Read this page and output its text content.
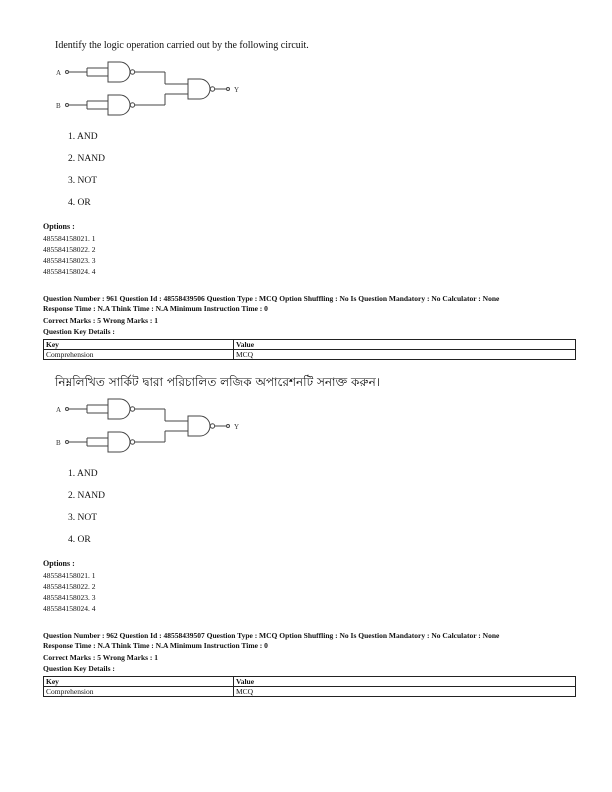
Identify the logic operation carried out by the following circuit.
A
B
Y
1. AND
2. NAND
3. NOT
4. OR
Options :
485584158021. 1
485584158022. 2
485584158023. 3
485584158024. 4
Question Number : 961 Question Id : 48558439506 Question Type : MCQ Option Shuffling : No Is Question Mandatory : No Calculator : None
Response Time : N.A Think Time : N.A Minimum Instruction Time : 0
Correct Marks : 5 Wrong Marks : 1
Question Key Details :
Key	Value
Comprehension	MCQ
নিম্নলিখিত সার্কিট দ্বারা পরিচালিত লজিক অপারেশনটি সনাক্ত করুন।
A
B
Y
1. AND
2. NAND
3. NOT
4. OR
Options :
485584158021. 1
485584158022. 2
485584158023. 3
485584158024. 4
Question Number : 962 Question Id : 48558439507 Question Type : MCQ Option Shuffling : No Is Question Mandatory : No Calculator : None
Response Time : N.A Think Time : N.A Minimum Instruction Time : 0
Correct Marks : 5 Wrong Marks : 1
Question Key Details :
Key	Value
Comprehension	MCQ
